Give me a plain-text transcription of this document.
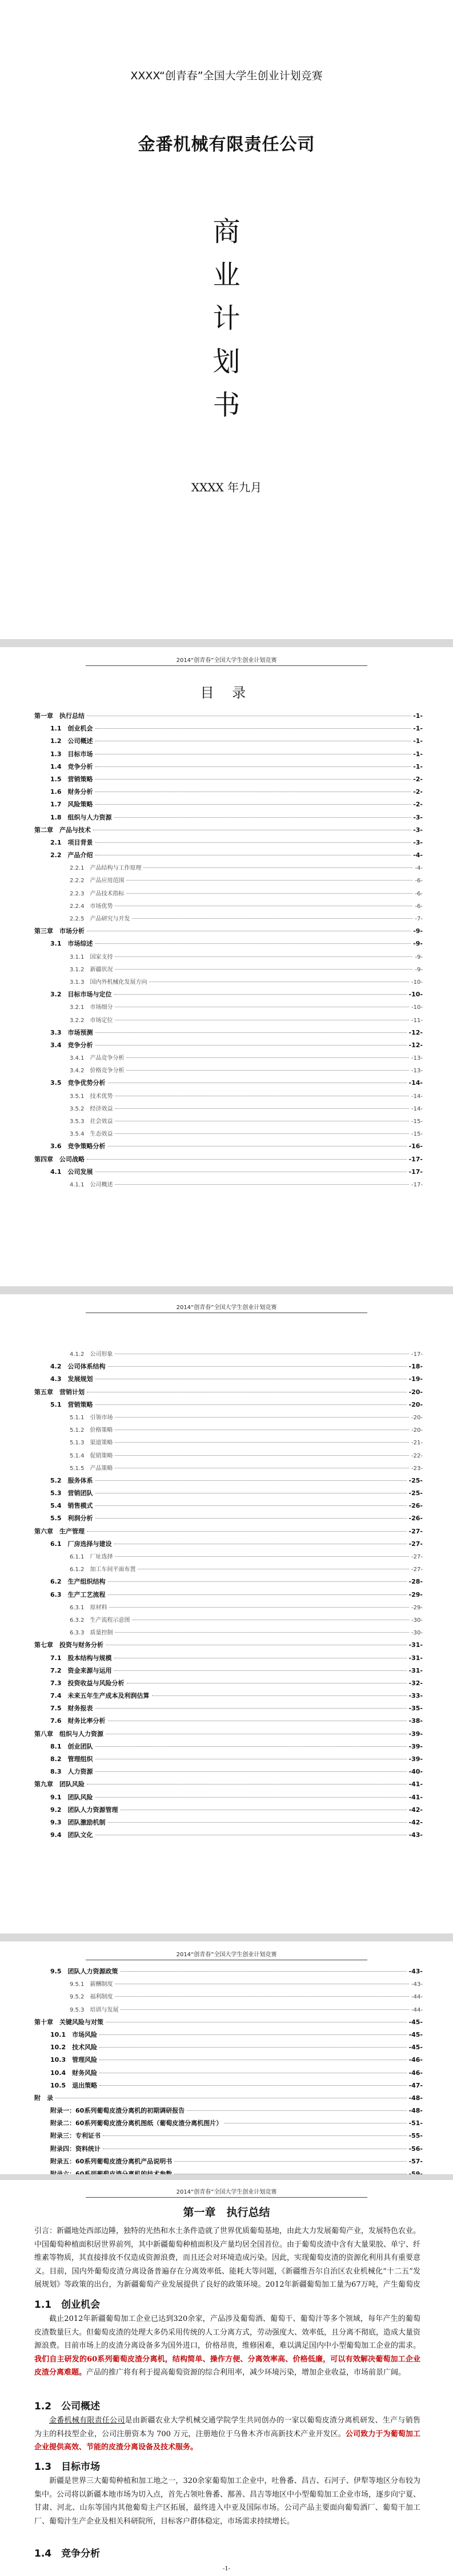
XXXX“创青春”全国大学生创业计划竞赛
金番机械有限责任公司
商
业
计
划
书
XXXX 年九月
2014“创青春”全国大学生创业计划竞赛
目 录
第一章　执行总结	-1-
1.1　创业机会	-1-
1.2　公司概述	-1-
1.3　目标市场	-1-
1.4　竞争分析	-1-
1.5　营销策略	-2-
1.6　财务分析	-2-
1.7　风险策略	-2-
1.8　组织与人力资源	-3-
第二章　产品与技术	-3-
2.1　项目背景	-3-
2.2　产品介绍	-4-
2.2.1　产品结构与工作原理	-4-
2.2.2　产品应用范围	-6-
2.2.3　产品技术指标	-6-
2.2.4　市场优势	-6-
2.2.5　产品研究与开发	-7-
第三章　市场分析	-9-
3.1　市场综述	-9-
3.1.1　国家支持	-9-
3.1.2　新疆状况	-9-
3.1.3　国内外机械化发展方向	-10-
3.2　目标市场与定位	-10-
3.2.1　市场细分	-10-
3.2.2　市场定位	-11-
3.3　市场预测	-12-
3.4　竞争分析	-12-
3.4.1　产品竞争分析	-13-
3.4.2　价格竞争分析	-13-
3.5　竞争优势分析	-14-
3.5.1　技术优势	-14-
3.5.2　经济效益	-14-
3.5.3　社会效益	-15-
3.5.4　生态效益	-15-
3.6　竞争策略分析	-16-
第四章　公司战略	-17-
4.1　公司发展	-17-
4.1.1　公司概述	-17-
2014“创青春”全国大学生创业计划竞赛
4.1.2　公司形象	-17-
4.2　公司体系结构	-18-
4.3　发展规划	-19-
第五章　营销计划	-20-
5.1　营销策略	-20-
5.1.1　引领市场	-20-
5.1.2　价格策略	-20-
5.1.3　渠道策略	-21-
5.1.4　促销策略	-22-
5.1.5　产品策略	-23-
5.2　服务体系	-25-
5.3　营销团队	-25-
5.4　销售模式	-26-
5.5　利润分析	-26-
第六章　生产管理	-27-
6.1　厂房选择与建设	-27-
6.1.1　厂址选择	-27-
6.1.2　加工车间平面布置	-27-
6.2　生产组织结构	-28-
6.3　生产工艺流程	-29-
6.3.1　原材料	-29-
6.3.2　生产流程示意图	-30-
6.3.3　质量控制	-30-
第七章　投资与财务分析	-31-
7.1　股本结构与规模	-31-
7.2　资金来源与运用	-31-
7.3　投资收益与风险分析	-32-
7.4　未来五年生产成本及利润估算	-33-
7.5　财务报表	-35-
7.6　财务比率分析	-38-
第八章　组织与人力资源	-39-
8.1　创业团队	-39-
8.2　管理组织	-39-
8.3　人力资源	-40-
第九章　团队风险	-41-
9.1　团队风险	-41-
9.2　团队人力资源管理	-42-
9.3　团队激励机制	-42-
9.4　团队文化	-43-
2014“创青春”全国大学生创业计划竞赛
9.5　团队人力资源政策	-43-
9.5.1　薪酬制度	-43-
9.5.2　福利制度	-44-
9.5.3　培训与发展	-44-
第十章　关键风险与对策	-45-
10.1　市场风险	-45-
10.2　技术风险	-45-
10.3　管理风险	-46-
10.4　财务风险	-46-
10.5　退出策略	-47-
附　录	-48-
附录一：60系列葡萄皮渣分离机的初期调研报告	-48-
附录二：60系列葡萄皮渣分离机图纸（葡萄皮渣分离机图片）	-51-
附录三：专利证书	-55-
附录四：资料统计	-56-
附录五：60系列葡萄皮渣分离机产品说明书	-57-
2014“创青春”全国大学生创业计划竞赛
第一章　执行总结
引言：新疆地处西部边陲，独特的光热和水土条件造就了世界优质葡萄基地，由此大力发展葡萄产业，发展特色农业。中国葡萄种植面积居世界前列，其中新疆葡萄种植面积及产量均居全国首位。由于葡萄皮渣中含有大量果胶、单宁、纤维素等物质，其直接排放不仅造成资源浪费，而且还会对环境造成污染。因此，实现葡萄皮渣的资源化利用具有重要意义。目前，国内外葡萄皮渣分离设备普遍存在分离效率低、能耗大等问题，《新疆维吾尔自治区农业机械化“十二五”发展规划》等政策的出台，为新疆葡萄产业发展提供了良好的政策环境。2012年新疆葡萄加工量为67万吨，产生葡萄皮
1.1　创业机会
截止2012年新疆葡萄加工企业已达到320余家，产品涉及葡萄酒、葡萄干、葡萄汁等多个领域，每年产生的葡萄皮渣数量巨大。但葡萄皮渣的处理大多仍采用传统的人工分离方式，劳动强度大、效率低，且分离不彻底，造成大量资源浪费。目前市场上的皮渣分离设备多为国外进口，价格昂贵，维修困难，难以满足国内中小型葡萄加工企业的需求。我们自主研发的60系列葡萄皮渣分离机，结构简单、操作方便、分离效率高、价格低廉，可以有效解决葡萄加工企业皮渣分离难题。产品的推广将有利于提高葡萄资源的综合利用率，减少环境污染，增加企业收益，市场前景广阔。
1.2　公司概述
金番机械有限责任公司是由新疆农业大学机械交通学院学生共同创办的一家以葡萄皮渣分离机研发、生产与销售为主的科技型企业，公司注册资本为 700 万元，注册地位于乌鲁木齐市高新技术产业开发区。公司致力于为葡萄加工企业提供高效、节能的皮渣分离设备及技术服务。
1.3　目标市场
新疆是世界三大葡萄种植和加工地之一，320余家葡萄加工企业中，吐鲁番、昌吉、石河子、伊犁等地区分布较为集中。公司将以新疆本地市场为切入点，首先占领吐鲁番、鄯善、昌吉等地区中小型葡萄加工企业市场，逐步向宁夏、甘肃、河北、山东等国内其他葡萄主产区拓展，最终进入中亚及国际市场。公司产品主要面向葡萄酒厂、葡萄干加工厂、葡萄汁生产企业及相关科研院所，目标客户群体稳定，市场需求持续增长。
1.4　竞争分析
-1-
